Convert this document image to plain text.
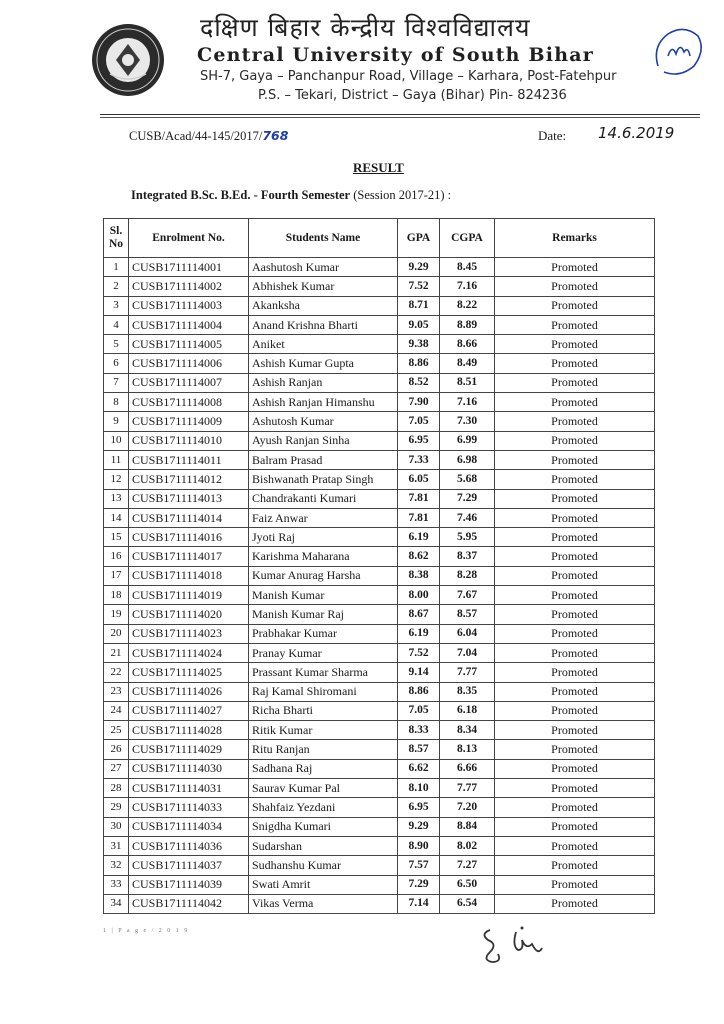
दक्षिण बिहार केन्द्रीय विश्वविद्यालय
Central University of South Bihar
SH-7, Gaya – Panchanpur Road, Village – Karhara, Post-Fatehpur
P.S. – Tekari, District – Gaya (Bihar) Pin- 824236
CUSB/Acad/44-145/2017/768	Date: 14.6.2019
RESULT
Integrated B.Sc. B.Ed. - Fourth Semester (Session 2017-21) :
Sl. No	Enrolment No.	Students Name	GPA	CGPA	Remarks
1	CUSB1711114001	Aashutosh Kumar	9.29	8.45	Promoted
2	CUSB1711114002	Abhishek Kumar	7.52	7.16	Promoted
3	CUSB1711114003	Akanksha	8.71	8.22	Promoted
4	CUSB1711114004	Anand Krishna Bharti	9.05	8.89	Promoted
5	CUSB1711114005	Aniket	9.38	8.66	Promoted
6	CUSB1711114006	Ashish Kumar Gupta	8.86	8.49	Promoted
7	CUSB1711114007	Ashish Ranjan	8.52	8.51	Promoted
8	CUSB1711114008	Ashish Ranjan Himanshu	7.90	7.16	Promoted
9	CUSB1711114009	Ashutosh Kumar	7.05	7.30	Promoted
10	CUSB1711114010	Ayush Ranjan Sinha	6.95	6.99	Promoted
11	CUSB1711114011	Balram Prasad	7.33	6.98	Promoted
12	CUSB1711114012	Bishwanath Pratap Singh	6.05	5.68	Promoted
13	CUSB1711114013	Chandrakanti Kumari	7.81	7.29	Promoted
14	CUSB1711114014	Faiz Anwar	7.81	7.46	Promoted
15	CUSB1711114016	Jyoti Raj	6.19	5.95	Promoted
16	CUSB1711114017	Karishma Maharana	8.62	8.37	Promoted
17	CUSB1711114018	Kumar Anurag Harsha	8.38	8.28	Promoted
18	CUSB1711114019	Manish Kumar	8.00	7.67	Promoted
19	CUSB1711114020	Manish Kumar Raj	8.67	8.57	Promoted
20	CUSB1711114023	Prabhakar Kumar	6.19	6.04	Promoted
21	CUSB1711114024	Pranay Kumar	7.52	7.04	Promoted
22	CUSB1711114025	Prassant Kumar Sharma	9.14	7.77	Promoted
23	CUSB1711114026	Raj Kamal Shiromani	8.86	8.35	Promoted
24	CUSB1711114027	Richa Bharti	7.05	6.18	Promoted
25	CUSB1711114028	Ritik Kumar	8.33	8.34	Promoted
26	CUSB1711114029	Ritu Ranjan	8.57	8.13	Promoted
27	CUSB1711114030	Sadhana Raj	6.62	6.66	Promoted
28	CUSB1711114031	Saurav Kumar Pal	8.10	7.77	Promoted
29	CUSB1711114033	Shahfaiz Yezdani	6.95	7.20	Promoted
30	CUSB1711114034	Snigdha Kumari	9.29	8.84	Promoted
31	CUSB1711114036	Sudarshan	8.90	8.02	Promoted
32	CUSB1711114037	Sudhanshu Kumar	7.57	7.27	Promoted
33	CUSB1711114039	Swati Amrit	7.29	6.50	Promoted
34	CUSB1711114042	Vikas Verma	7.14	6.54	Promoted
1 | P a g e / 2 0 1 9
